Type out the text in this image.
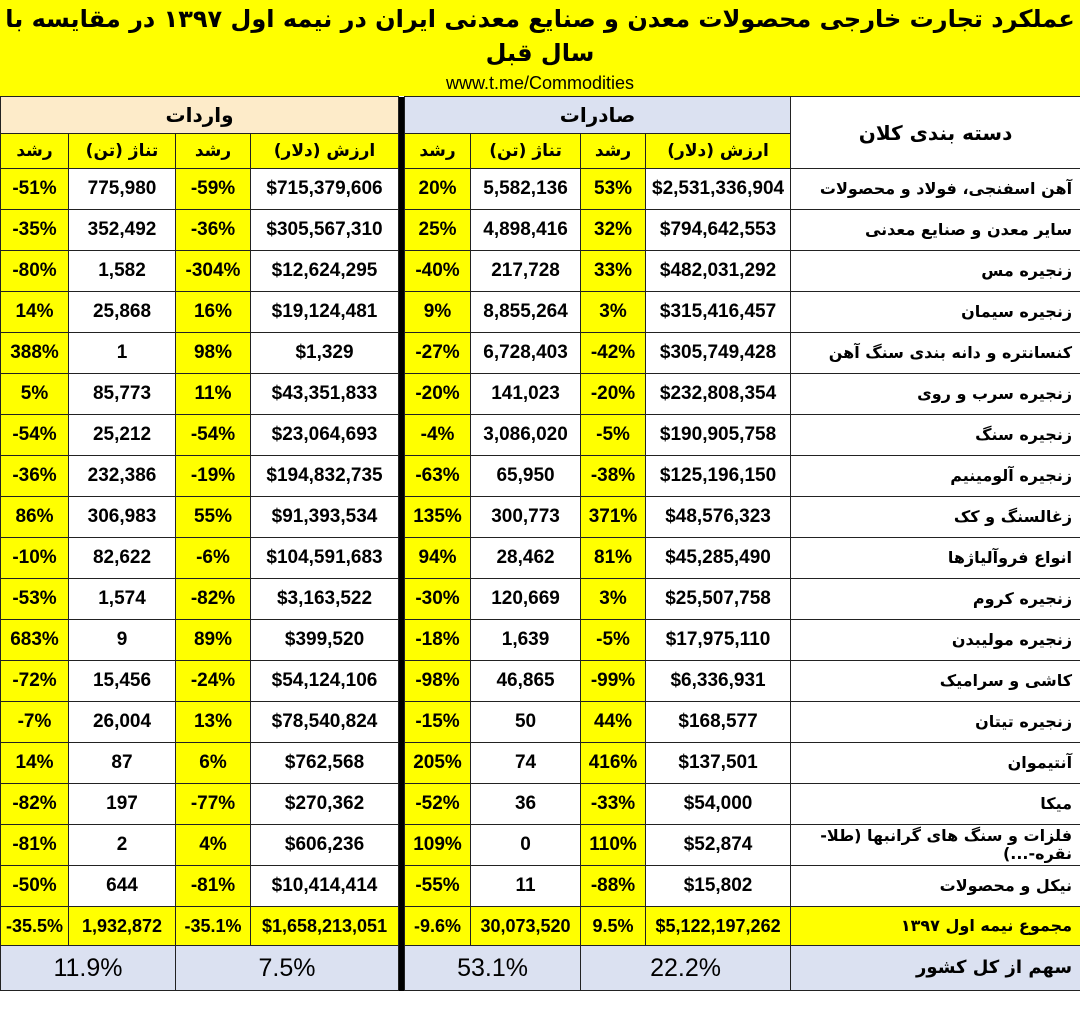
عملکرد تجارت خارجی محصولات معدن و صنایع معدنی ایران در نیمه اول ۱۳۹۷ در مقایسه با سال قبل
www.t.me/Commodities
واردات					صادرات				دسته بندی کلان
رشد	تناژ (تن)	رشد	ارزش (دلار)		رشد	تناژ (تن)	رشد	ارزش (دلار)	
-51%	775,980	-59%	$715,379,606		20%	5,582,136	53%	$2,531,336,904	آهن اسفنجی، فولاد و محصولات
-35%	352,492	-36%	$305,567,310		25%	4,898,416	32%	$794,642,553	سایر معدن و صنایع معدنی
-80%	1,582	-304%	$12,624,295		-40%	217,728	33%	$482,031,292	زنجیره مس
14%	25,868	16%	$19,124,481		9%	8,855,264	3%	$315,416,457	زنجیره سیمان
388%	1	98%	$1,329		-27%	6,728,403	-42%	$305,749,428	کنسانتره و دانه بندی سنگ آهن
5%	85,773	11%	$43,351,833		-20%	141,023	-20%	$232,808,354	زنجیره سرب و روی
-54%	25,212	-54%	$23,064,693		-4%	3,086,020	-5%	$190,905,758	زنجیره سنگ
-36%	232,386	-19%	$194,832,735		-63%	65,950	-38%	$125,196,150	زنجیره آلومینیم
86%	306,983	55%	$91,393,534		135%	300,773	371%	$48,576,323	زغالسنگ و کک
-10%	82,622	-6%	$104,591,683		94%	28,462	81%	$45,285,490	انواع فروآلیاژها
-53%	1,574	-82%	$3,163,522		-30%	120,669	3%	$25,507,758	زنجیره کروم
683%	9	89%	$399,520		-18%	1,639	-5%	$17,975,110	زنجیره مولیبدن
-72%	15,456	-24%	$54,124,106		-98%	46,865	-99%	$6,336,931	کاشی و سرامیک
-7%	26,004	13%	$78,540,824		-15%	50	44%	$168,577	زنجیره تیتان
14%	87	6%	$762,568		205%	74	416%	$137,501	آنتیموان
-82%	197	-77%	$270,362		-52%	36	-33%	$54,000	میکا
-81%	2	4%	$606,236		109%	0	110%	$52,874	فلزات و سنگ های گرانبها (طلا-نقره-...)
-50%	644	-81%	$10,414,414		-55%	11	-88%	$15,802	نیکل و محصولات
-35.5%	1,932,872	-35.1%	$1,658,213,051		-9.6%	30,073,520	9.5%	$5,122,197,262	مجموع نیمه اول ۱۳۹۷
11.9%		7.5%			53.1%		22.2%		سهم از کل کشور
